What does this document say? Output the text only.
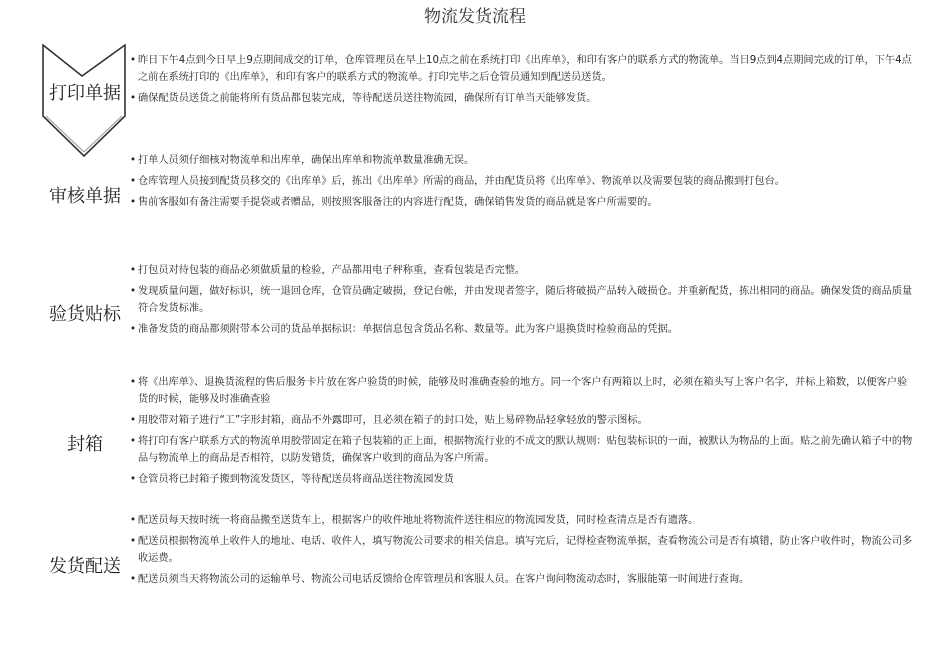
物流发货流程
打印单据
• 昨日下午4点到今日早上9点期间成交的订单，仓库管理员在早上10点之前在系统打印《出库单》，和印有客户的联系方式的物流单。当日9点到4点期间完成的订单，下午4点之前在系统打印的《出库单》，和印有客户的联系方式的物流单。打印完毕之后仓管员通知到配送员送货。
• 确保配货员送货之前能将所有货品都包装完成，等待配送员送往物流园，确保所有订单当天能够发货。
审核单据
• 打单人员须仔细核对物流单和出库单，确保出库单和物流单数量准确无误。
• 仓库管理人员接到配货员移交的《出库单》后，拣出《出库单》所需的商品，并由配货员将《出库单》、物流单以及需要包装的商品搬到打包台。
• 售前客服如有备注需要手提袋或者赠品，则按照客服备注的内容进行配货，确保销售发货的商品就是客户所需要的。
验货贴标
• 打包员对待包装的商品必须做质量的检验，产品都用电子秤称重，查看包装是否完整。
• 发现质量问题，做好标识，统一退回仓库，仓管员确定破损，登记台帐，并由发现者签字，随后将破损产品转入破损仓。并重新配货，拣出相同的商品。确保发货的商品质量符合发货标准。
• 准备发货的商品都须附带本公司的货品单据标识：单据信息包含货品名称、数量等。此为客户退换货时检验商品的凭据。
封箱
• 将《出库单》、退换货流程的售后服务卡片放在客户验货的时候，能够及时准确查验的地方。同一个客户有两箱以上时，必须在箱头写上客户名字，并标上箱数，以便客户验货的时候，能够及时准确查验
• 用胶带对箱子进行“工”字形封箱，商品不外露即可，且必须在箱子的封口处，贴上易碎物品轻拿轻放的警示图标。
• 将打印有客户联系方式的物流单用胶带固定在箱子包装箱的正上面，根据物流行业的不成文的默认规则：贴包装标识的一面，被默认为物品的上面。贴之前先确认箱子中的物品与物流单上的商品是否相符，以防发错货，确保客户收到的商品为客户所需。
• 仓管员将已封箱子搬到物流发货区，等待配送员将商品送往物流园发货
发货配送
• 配送员每天按时统一将商品搬至送货车上，根据客户的收件地址将物流件送往相应的物流园发货，同时检查清点是否有遗落。
• 配送员根据物流单上收件人的地址、电话、收件人，填写物流公司要求的相关信息。填写完后，记得检查物流单据，查看物流公司是否有填错，防止客户收件时，物流公司多收运费。
• 配送员须当天将物流公司的运输单号、物流公司电话反馈给仓库管理员和客服人员。在客户询问物流动态时，客服能第一时间进行查询。
